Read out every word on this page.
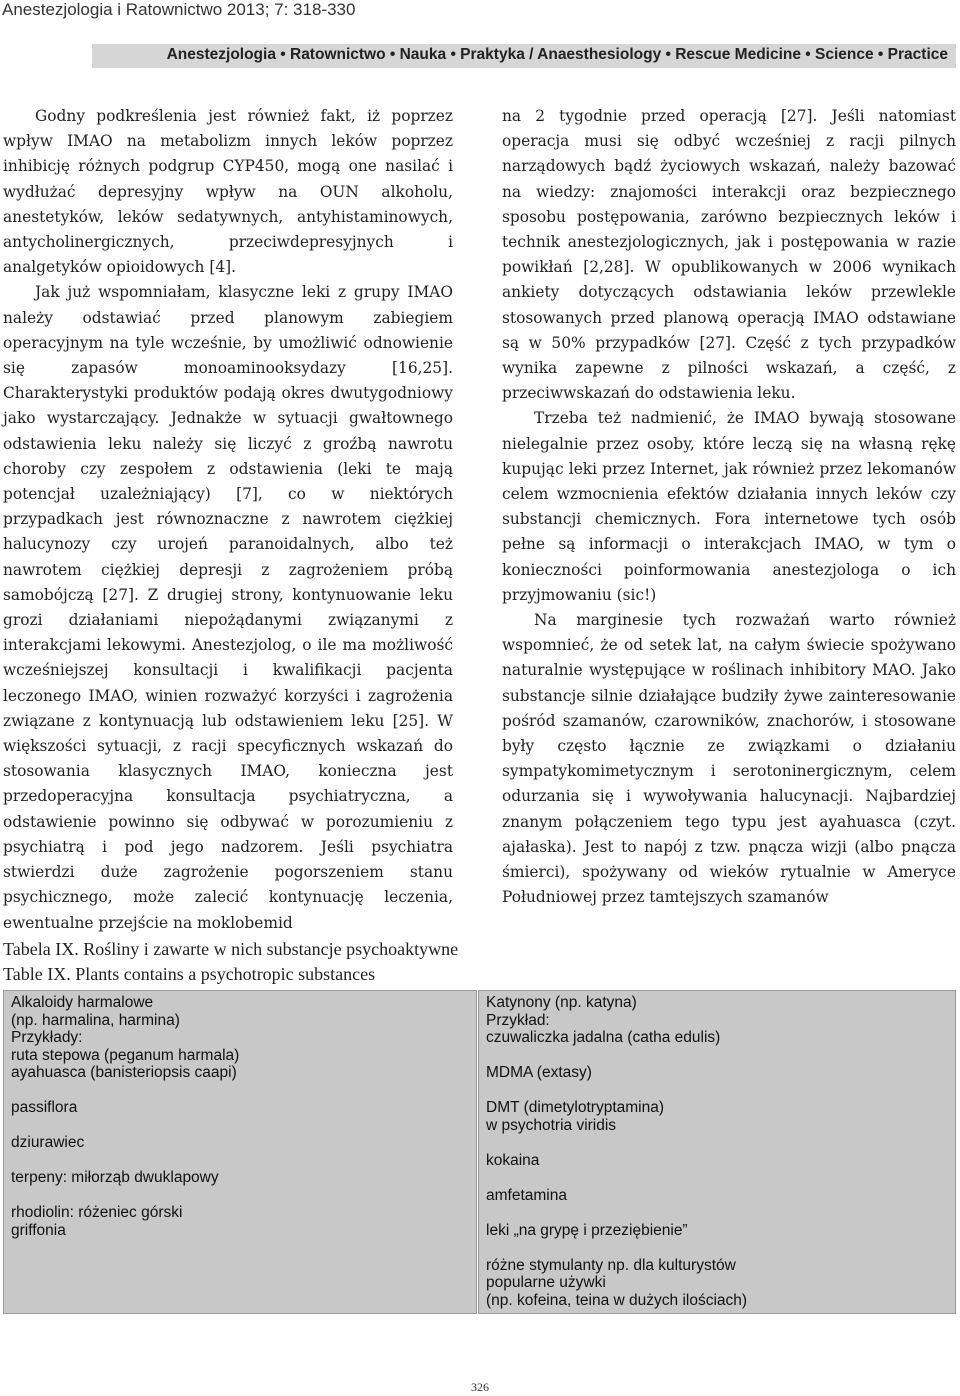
Anestezjologia i Ratownictwo 2013; 7: 318-330
Anestezjologia • Ratownictwo • Nauka • Praktyka / Anaesthesiology • Rescue Medicine • Science • Practice

Godny podkreślenia jest również fakt, iż poprzez wpływ IMAO na metabolizm innych leków poprzez inhibicję różnych podgrup CYP450, mogą one nasilać i wydłużać depresyjny wpływ na OUN alkoholu, anestetyków, leków sedatywnych, antyhistaminowych, antycholinergicznych, przeciwdepresyjnych i analgetyków opioidowych [4].

Jak już wspomniałam, klasyczne leki z grupy IMAO należy odstawiać przed planowym zabiegiem operacyjnym na tyle wcześnie, by umożliwić odnowienie się zapasów monoaminooksydazy [16,25]. Charakterystyki produktów podają okres dwutygodniowy jako wystarczający. Jednakże w sytuacji gwałtownego odstawienia leku należy się liczyć z groźbą nawrotu choroby czy zespołem z odstawienia (leki te mają potencjał uzależniający) [7], co w niektórych przypadkach jest równoznaczne z nawrotem ciężkiej halucynozy czy urojeń paranoidalnych, albo też nawrotem ciężkiej depresji z zagrożeniem próbą samobójczą [27]. Z drugiej strony, kontynuowanie leku grozi działaniami niepożądanymi związanymi z interakcjami lekowymi. Anestezjolog, o ile ma możliwość wcześniejszej konsultacji i kwalifikacji pacjenta leczonego IMAO, winien rozważyć korzyści i zagrożenia związane z kontynuacją lub odstawieniem leku [25]. W większości sytuacji, z racji specyficznych wskazań do stosowania klasycznych IMAO, konieczna jest przedoperacyjna konsultacja psychiatryczna, a odstawienie powinno się odbywać w porozumieniu z psychiatrą i pod jego nadzorem. Jeśli psychiatra stwierdzi duże zagrożenie pogorszeniem stanu psychicznego, może zalecić kontynuację leczenia, ewentualne przejście na moklobemid

na 2 tygodnie przed operacją [27]. Jeśli natomiast operacja musi się odbyć wcześniej z racji pilnych narządowych bądź życiowych wskazań, należy bazować na wiedzy: znajomości interakcji oraz bezpiecznego sposobu postępowania, zarówno bezpiecznych leków i technik anestezjologicznych, jak i postępowania w razie powikłań [2,28]. W opublikowanych w 2006 wynikach ankiety dotyczących odstawiania leków przewlekle stosowanych przed planową operacją IMAO odstawiane są w 50% przypadków [27]. Część z tych przypadków wynika zapewne z pilności wskazań, a część, z przeciwwskazań do odstawienia leku.

Trzeba też nadmienić, że IMAO bywają stosowane nielegalnie przez osoby, które leczą się na własną rękę kupując leki przez Internet, jak również przez lekomanów celem wzmocnienia efektów działania innych leków czy substancji chemicznych. Fora internetowe tych osób pełne są informacji o interakcjach IMAO, w tym o konieczności poinformowania anestezjologa o ich przyjmowaniu (sic!)

Na marginesie tych rozważań warto również wspomnieć, że od setek lat, na całym świecie spożywano naturalnie występujące w roślinach inhibitory MAO. Jako substancje silnie działające budziły żywe zainteresowanie pośród szamanów, czarowników, znachorów, i stosowane były często łącznie ze związkami o działaniu sympatykomimetycznym i serotoninergicznym, celem odurzania się i wywoływania halucynacji. Najbardziej znanym połączeniem tego typu jest ayahuasca (czyt. ajałaska). Jest to napój z tzw. pnącza wizji (albo pnącza śmierci), spożywany od wieków rytualnie w Ameryce Południowej przez tamtejszych szamanów

Tabela IX. Rośliny i zawarte w nich substancje psychoaktywne
Table IX. Plants contains a psychotropic substances
Alkaloidy harmalowe
(np. harmalina, harmina)
Przykłady:
ruta stepowa (peganum harmala)
ayahuasca (banisteriopsis caapi)
passiflora
dziurawiec
terpeny: miłorząb dwuklapowy
rhodiolin: różeniec górski
griffonia
Katynony (np. katyna)
Przykład:
czuwaliczka jadalna (catha edulis)
MDMA (extasy)
DMT (dimetylotryptamina)
w psychotria viridis
kokaina
amfetamina
leki „na grypę i przeziębienie”
różne stymulanty np. dla kulturystów
popularne używki
(np. kofeina, teina w dużych ilościach)
326
